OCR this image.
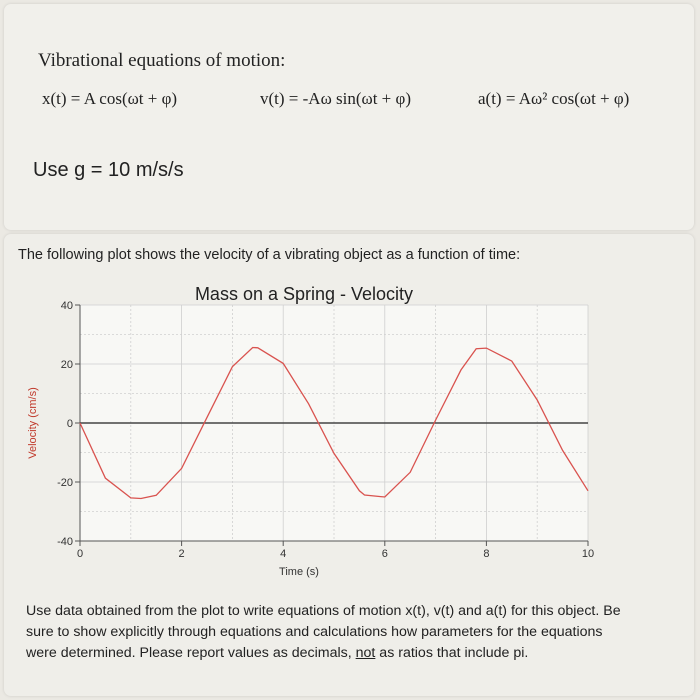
Vibrational equations of motion:
x(t) = A cos(ωt + φ)	v(t) = -Aω sin(ωt + φ)	a(t) = Aω² cos(ωt + φ)
Use g = 10 m/s/s
The following plot shows the velocity of a vibrating object as a function of time:
40
20
0
-20
-40
0	2	4	6	8	10
Mass on a Spring - Velocity
Time (s)
Velocity (cm/s)
Use data obtained from the plot to write equations of motion x(t), v(t) and a(t) for this object. Be sure to show explicitly through equations and calculations how parameters for the equations were determined. Please report values as decimals, not as ratios that include pi.
